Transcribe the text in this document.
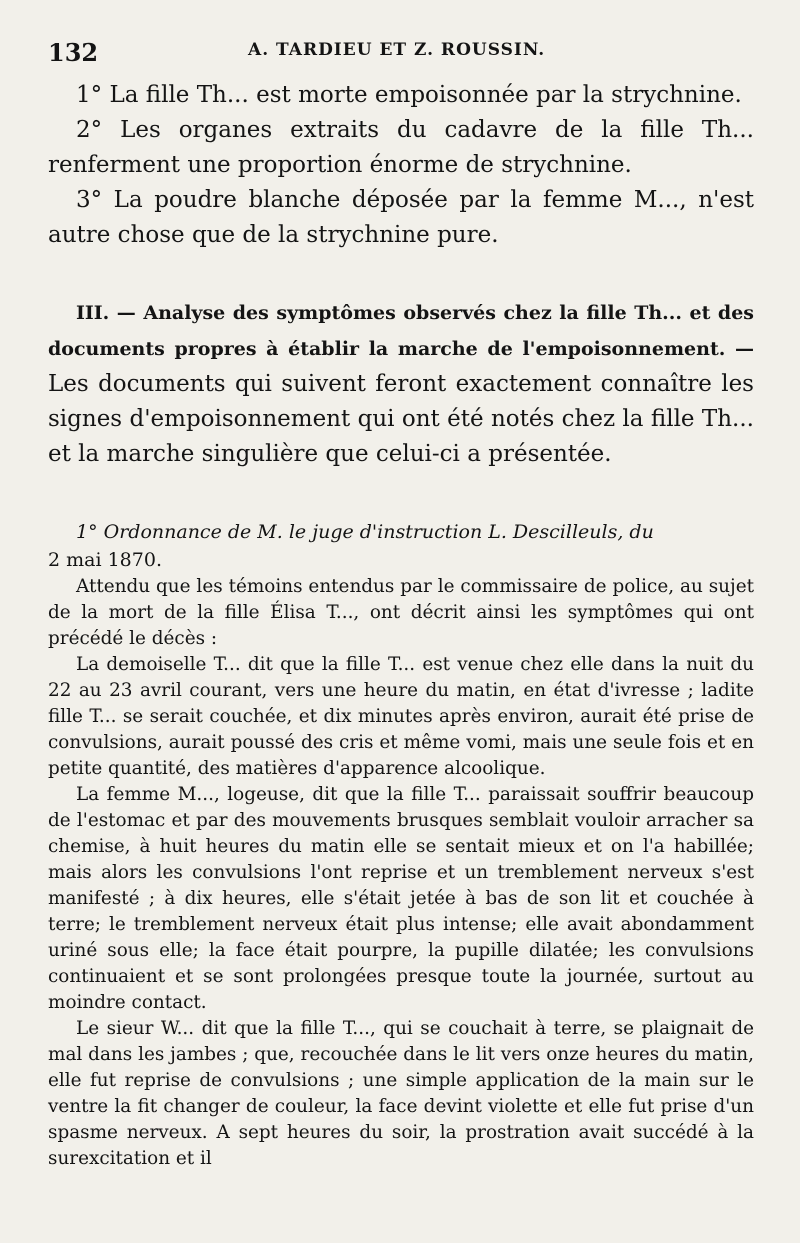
132	A. TARDIEU ET Z. ROUSSIN.

1° La fille Th... est morte empoisonnée par la strychnine.

2° Les organes extraits du cadavre de la fille Th... renferment une proportion énorme de strychnine.

3° La poudre blanche déposée par la femme M..., n'est autre chose que de la strychnine pure.

III. — Analyse des symptômes observés chez la fille Th... et des documents propres à établir la marche de l'empoisonnement. — Les documents qui suivent feront exactement connaître les signes d'empoisonnement qui ont été notés chez la fille Th... et la marche singulière que celui-ci a présentée.

1° Ordonnance de M. le juge d'instruction L. Descilleuls, du
2 mai 1870.

Attendu que les témoins entendus par le commissaire de police, au sujet de la mort de la fille Élisa T..., ont décrit ainsi les symptômes qui ont précédé le décès :

La demoiselle T... dit que la fille T... est venue chez elle dans la nuit du 22 au 23 avril courant, vers une heure du matin, en état d'ivresse ; ladite fille T... se serait couchée, et dix minutes après environ, aurait été prise de convulsions, aurait poussé des cris et même vomi, mais une seule fois et en petite quantité, des matières d'apparence alcoolique.

La femme M..., logeuse, dit que la fille T... paraissait souffrir beaucoup de l'estomac et par des mouvements brusques semblait vouloir arracher sa chemise, à huit heures du matin elle se sentait mieux et on l'a habillée; mais alors les convulsions l'ont reprise et un tremblement nerveux s'est manifesté ; à dix heures, elle s'était jetée à bas de son lit et couchée à terre; le tremblement nerveux était plus intense; elle avait abondamment uriné sous elle; la face était pourpre, la pupille dilatée; les convulsions continuaient et se sont prolongées presque toute la journée, surtout au moindre contact.

Le sieur W... dit que la fille T..., qui se couchait à terre, se plaignait de mal dans les jambes ; que, recouchée dans le lit vers onze heures du matin, elle fut reprise de convulsions ; une simple application de la main sur le ventre la fit changer de couleur, la face devint violette et elle fut prise d'un spasme nerveux. A sept heures du soir, la prostration avait succédé à la surexcitation et il
